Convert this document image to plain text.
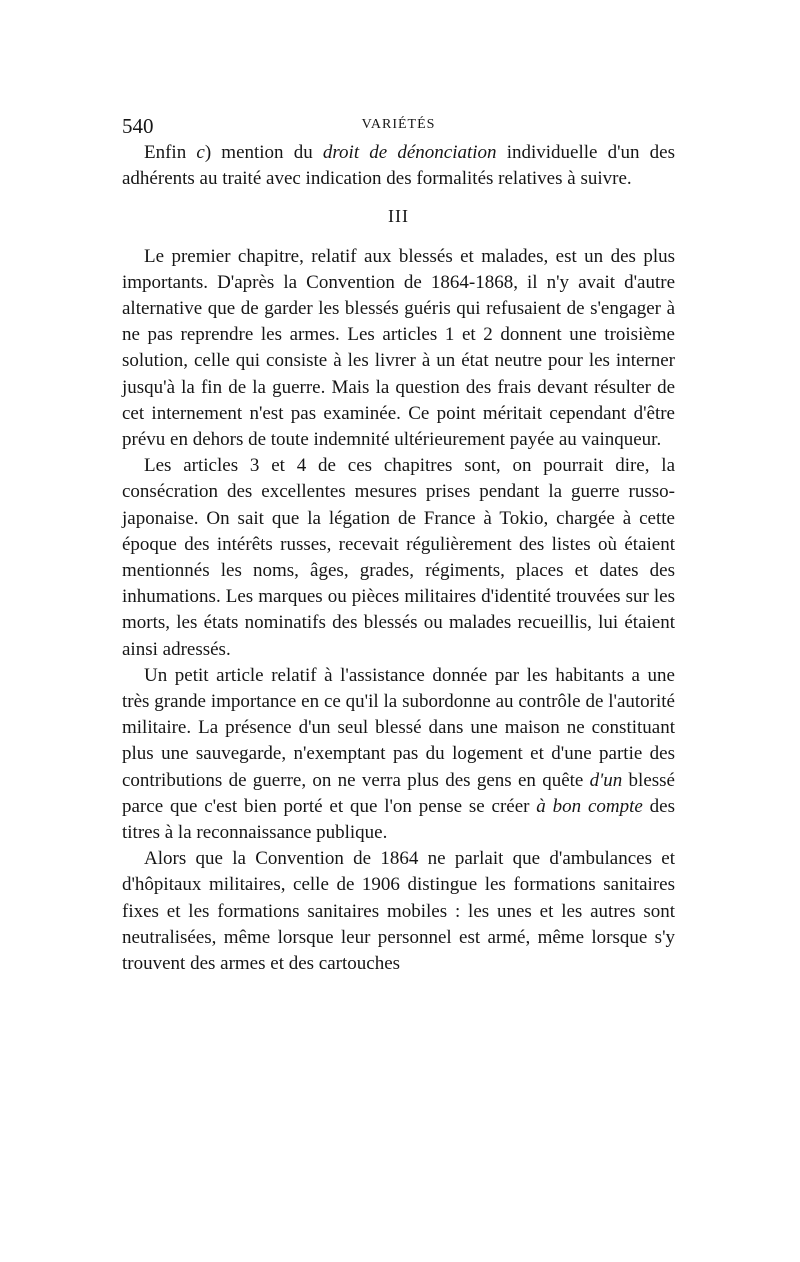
540	VARIÉTÉS

Enfin c) mention du droit de dénonciation individuelle d'un des adhérents au traité avec indication des formalités relatives à suivre.

III

Le premier chapitre, relatif aux blessés et malades, est un des plus importants. D'après la Convention de 1864-1868, il n'y avait d'autre alternative que de garder les blessés guéris qui refusaient de s'engager à ne pas reprendre les armes. Les articles 1 et 2 donnent une troisième solution, celle qui consiste à les livrer à un état neutre pour les interner jusqu'à la fin de la guerre. Mais la question des frais devant résulter de cet internement n'est pas examinée. Ce point méritait cependant d'être prévu en dehors de toute indemnité ultérieurement payée au vainqueur.

Les articles 3 et 4 de ces chapitres sont, on pourrait dire, la consécration des excellentes mesures prises pendant la guerre russo-japonaise. On sait que la légation de France à Tokio, chargée à cette époque des intérêts russes, recevait régulièrement des listes où étaient mentionnés les noms, âges, grades, régiments, places et dates des inhumations. Les marques ou pièces militaires d'identité trouvées sur les morts, les états nominatifs des blessés ou malades recueillis, lui étaient ainsi adressés.

Un petit article relatif à l'assistance donnée par les habitants a une très grande importance en ce qu'il la subordonne au contrôle de l'autorité militaire. La présence d'un seul blessé dans une maison ne constituant plus une sauvegarde, n'exemptant pas du logement et d'une partie des contributions de guerre, on ne verra plus des gens en quête d'un blessé parce que c'est bien porté et que l'on pense se créer à bon compte des titres à la reconnaissance publique.

Alors que la Convention de 1864 ne parlait que d'ambulances et d'hôpitaux militaires, celle de 1906 distingue les formations sanitaires fixes et les formations sanitaires mobiles : les unes et les autres sont neutralisées, même lorsque leur personnel est armé, même lorsque s'y trouvent des armes et des cartouches
